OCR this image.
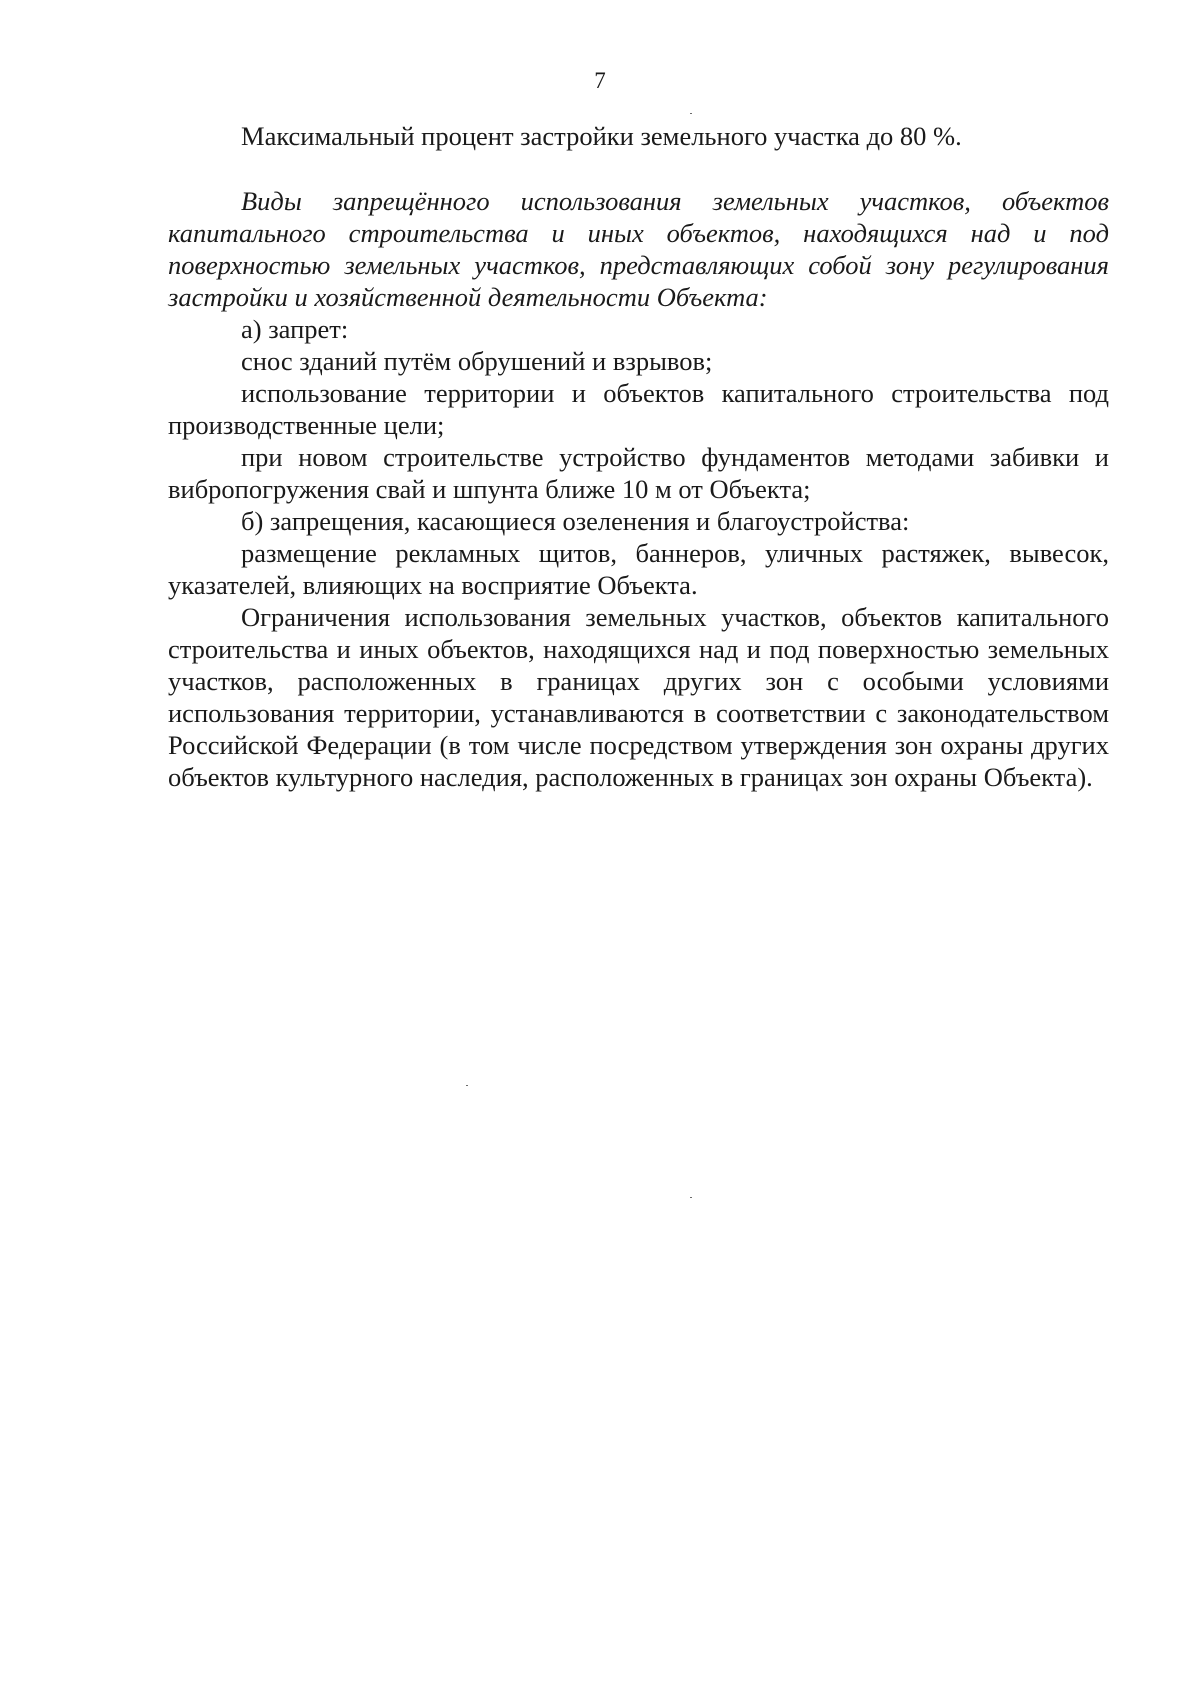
7

Максимальный процент застройки земельного участка до 80 %.

Виды запрещённого использования земельных участков, объектов капитального строительства и иных объектов, находящихся над и под поверхностью земельных участков, представляющих собой зону регулирования застройки и хозяйственной деятельности Объекта:

а) запрет:

снос зданий путём обрушений и взрывов;

использование территории и объектов капитального строительства под производственные цели;

при новом строительстве устройство фундаментов методами забивки и вибропогружения свай и шпунта ближе 10 м от Объекта;

б) запрещения, касающиеся озеленения и благоустройства:

размещение рекламных щитов, баннеров, уличных растяжек, вывесок, указателей, влияющих на восприятие Объекта.

Ограничения использования земельных участков, объектов капитального строительства и иных объектов, находящихся над и под поверхностью земельных участков, расположенных в границах других зон с особыми условиями использования территории, устанавливаются в соответствии с законодательством Российской Федерации (в том числе посредством утверждения зон охраны других объектов культурного наследия, расположенных в границах зон охраны Объекта).
